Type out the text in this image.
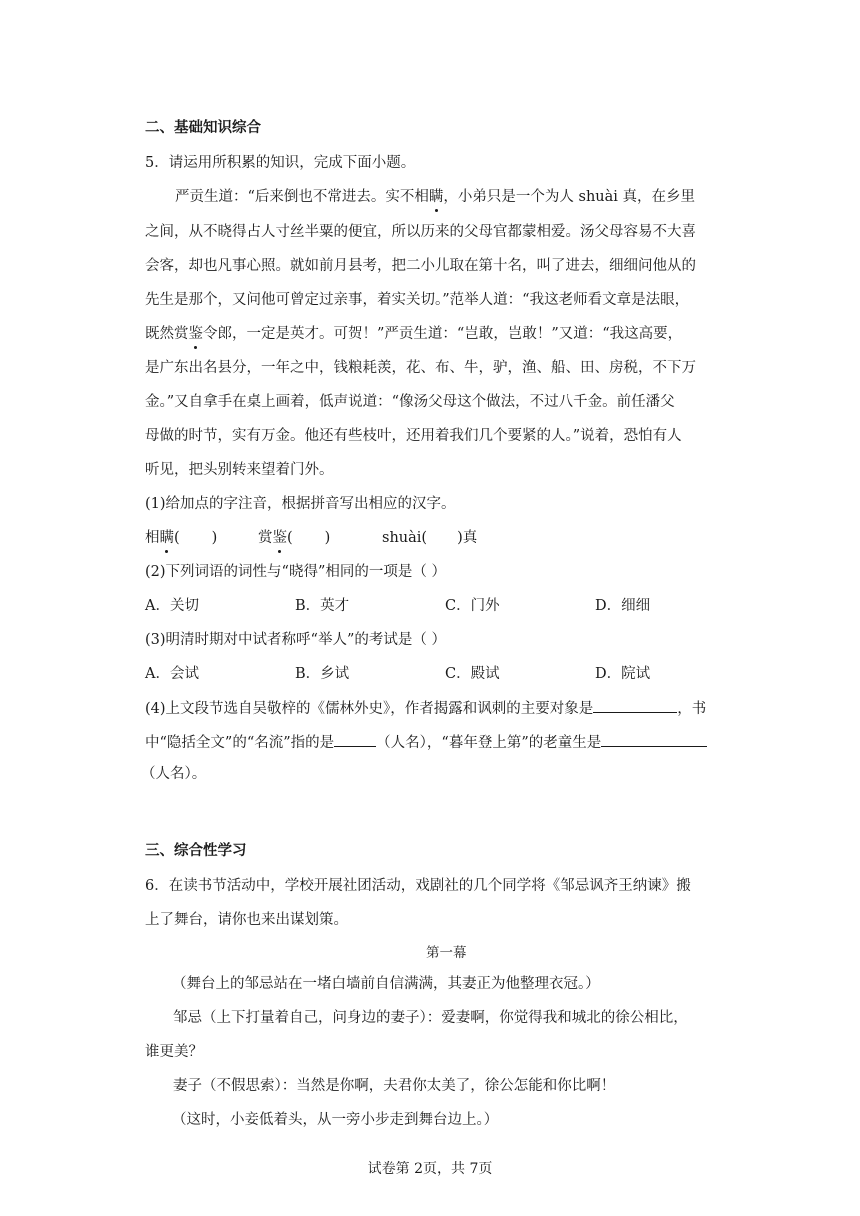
二、基础知识综合
5．请运用所积累的知识，完成下面小题。
严贡生道：“后来倒也不常进去。实不相瞒，小弟只是一个为人 shuài 真，在乡里
之间，从不晓得占人寸丝半粟的便宜，所以历来的父母官都蒙相爱。汤父母容易不大喜
会客，却也凡事心照。就如前月县考，把二小儿取在第十名，叫了进去，细细问他从的
先生是那个，又问他可曾定过亲事，着实关切。”范举人道：“我这老师看文章是法眼，
既然赏鉴令郎，一定是英才。可贺！”严贡生道：“岂敢，岂敢！”又道：“我这高要，
是广东出名县分，一年之中，钱粮耗羡，花、布、牛，驴，渔、船、田、房税，不下万
金。”又自拿手在桌上画着，低声说道：“像汤父母这个做法，不过八千金。前任潘父
母做的时节，实有万金。他还有些枝叶，还用着我们几个要紧的人。”说着，恐怕有人
听见，把头别转来望着门外。
(1)给加点的字注音，根据拼音写出相应的汉字。
相瞒( )	赏鉴( )	shuài( )真
(2)下列词语的词性与“晓得”相同的一项是（ ）
A．关切	B．英才	C．门外	D．细细
(3)明清时期对中试者称呼“举人”的考试是（ ）
A．会试	B．乡试	C．殿试	D．院试
(4)上文段节选自吴敬梓的《儒林外史》，作者揭露和讽刺的主要对象是	，书
中“隐括全文”的“名流”指的是	（人名），“暮年登上第”的老童生是
（人名）。
三、综合性学习
6．在读书节活动中，学校开展社团活动，戏剧社的几个同学将《邹忌讽齐王纳谏》搬
上了舞台，请你也来出谋划策。
第一幕
（舞台上的邹忌站在一堵白墙前自信满满，其妻正为他整理衣冠。）
邹忌（上下打量着自己，问身边的妻子）：爱妻啊，你觉得我和城北的徐公相比，
谁更美？
妻子（不假思索）：当然是你啊，夫君你太美了，徐公怎能和你比啊！
（这时，小妾低着头，从一旁小步走到舞台边上。）
试卷第 2页，共 7页
